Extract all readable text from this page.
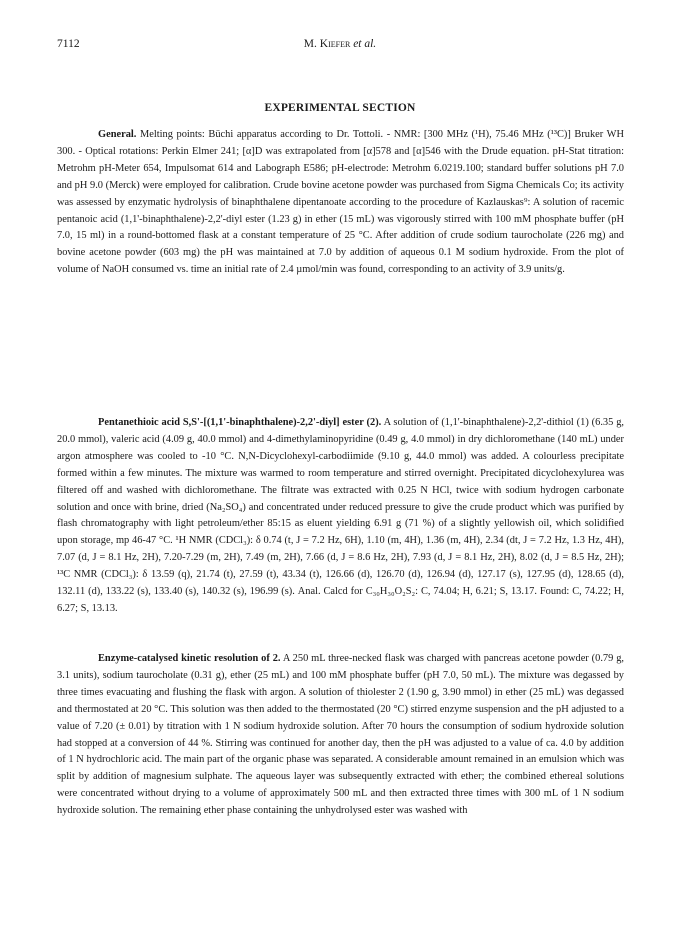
7112	M. Kiefer et al.
EXPERIMENTAL SECTION

General. Melting points: Büchi apparatus according to Dr. Tottoli. - NMR: [300 MHz (¹H), 75.46 MHz (¹³C)] Bruker WH 300. - Optical rotations: Perkin Elmer 241; [α]D was extrapolated from [α]578 and [α]546 with the Drude equation. pH-Stat titration: Metrohm pH-Meter 654, Impulsomat 614 and Labograph E586; pH-electrode: Metrohm 6.0219.100; standard buffer solutions pH 7.0 and pH 9.0 (Merck) were employed for calibration. Crude bovine acetone powder was purchased from Sigma Chemicals Co; its activity was assessed by enzymatic hydrolysis of binaphthalene dipentanoate according to the procedure of Kazlauskas⁹: A solution of racemic pentanoic acid (1,1'-binaphthalene)-2,2'-diyl ester (1.23 g) in ether (15 mL) was vigorously stirred with 100 mM phosphate buffer (pH 7.0, 15 ml) in a round-bottomed flask at a constant temperature of 25 °C. After addition of crude sodium taurocholate (226 mg) and bovine acetone powder (603 mg) the pH was maintained at 7.0 by addition of aqueous 0.1 M sodium hydroxide. From the plot of volume of NaOH consumed vs. time an initial rate of 2.4 µmol/min was found, corresponding to an activity of 3.9 units/g.

Pentanethioic acid S,S'-[(1,1'-binaphthalene)-2,2'-diyl] ester (2). A solution of (1,1'-binaphthalene)-2,2'-dithiol (1) (6.35 g, 20.0 mmol), valeric acid (4.09 g, 40.0 mmol) and 4-dimethylaminopyridine (0.49 g, 4.0 mmol) in dry dichloromethane (140 mL) under argon atmosphere was cooled to -10 °C. N,N-Dicyclohexyl-carbodiimide (9.10 g, 44.0 mmol) was added. A colourless precipitate formed within a few minutes. The mixture was warmed to room temperature and stirred overnight. Precipitated dicyclohexylurea was filtered off and washed with dichloromethane. The filtrate was extracted with 0.25 N HCl, twice with sodium hydrogen carbonate solution and once with brine, dried (Na₂SO₄) and concentrated under reduced pressure to give the crude product which was purified by flash chromatography with light petroleum/ether 85:15 as eluent yielding 6.91 g (71 %) of a slightly yellowish oil, which solidified upon storage, mp 46-47 °C. ¹H NMR (CDCl₃): δ 0.74 (t, J = 7.2 Hz, 6H), 1.10 (m, 4H), 1.36 (m, 4H), 2.34 (dt, J = 7.2 Hz, 1.3 Hz, 4H), 7.07 (d, J = 8.1 Hz, 2H), 7.20-7.29 (m, 2H), 7.49 (m, 2H), 7.66 (d, J = 8.6 Hz, 2H), 7.93 (d, J = 8.1 Hz, 2H), 8.02 (d, J = 8.5 Hz, 2H); ¹³C NMR (CDCl₃): δ 13.59 (q), 21.74 (t), 27.59 (t), 43.34 (t), 126.66 (d), 126.70 (d), 126.94 (d), 127.17 (s), 127.95 (d), 128.65 (d), 132.11 (d), 133.22 (s), 133.40 (s), 140.32 (s), 196.99 (s). Anal. Calcd for C₃₀H₃₀O₂S₂: C, 74.04; H, 6.21; S, 13.17. Found: C, 74.22; H, 6.27; S, 13.13.

Enzyme-catalysed kinetic resolution of 2. A 250 mL three-necked flask was charged with pancreas acetone powder (0.79 g, 3.1 units), sodium taurocholate (0.31 g), ether (25 mL) and 100 mM phosphate buffer (pH 7.0, 50 mL). The mixture was degassed by three times evacuating and flushing the flask with argon. A solution of thiolester 2 (1.90 g, 3.90 mmol) in ether (25 mL) was degassed and thermostated at 20 °C. This solution was then added to the thermostated (20 °C) stirred enzyme suspension and the pH adjusted to a value of 7.20 (± 0.01) by titration with 1 N sodium hydroxide solution. After 70 hours the consumption of sodium hydroxide solution had stopped at a conversion of 44 %. Stirring was continued for another day, then the pH was adjusted to a value of ca. 4.0 by addition of 1 N hydrochloric acid. The main part of the organic phase was separated. A considerable amount remained in an emulsion which was split by addition of magnesium sulphate. The aqueous layer was subsequently extracted with ether; the combined ethereal solutions were concentrated without drying to a volume of approximately 500 mL and then extracted three times with 300 mL of 1 N sodium hydroxide solution. The remaining ether phase containing the unhydrolysed ester was washed with
